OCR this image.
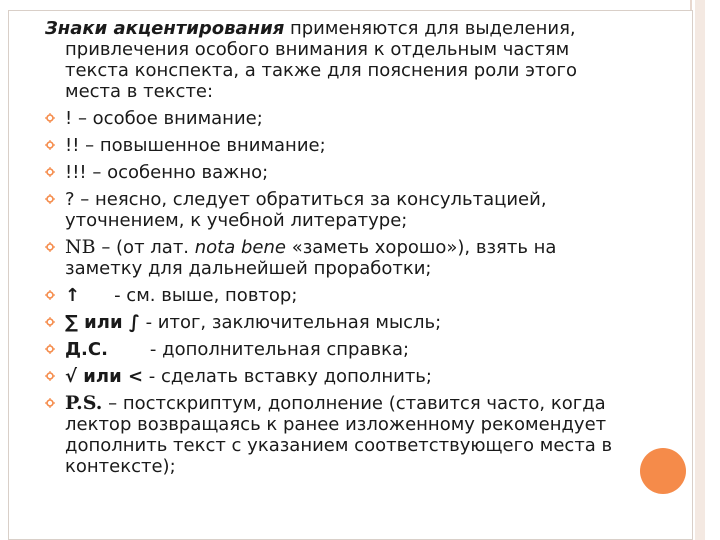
Знаки акцентирования применяются для выделения,
привлечения особого внимания к отдельным частям
текста конспекта, а также для пояснения роли этого
места в тексте:
! – особое внимание;
!! – повышенное внимание;
!!! – особенно важно;
? – неясно, следует обратиться за консультацией,
уточнением, к учебной литературе;
NB – (от лат. nota bene «заметь хорошо»), взять на
заметку для дальнейшей проработки;
↑ - см. выше, повтор;
∑ или ∫ - итог, заключительная мысль;
Д.С. - дополнительная справка;
√ или < - сделать вставку дополнить;
P.S. – постскриптум, дополнение (ставится часто, когда
лектор возвращаясь к ранее изложенному рекомендует
дополнить текст с указанием соответствующего места в
контексте);
